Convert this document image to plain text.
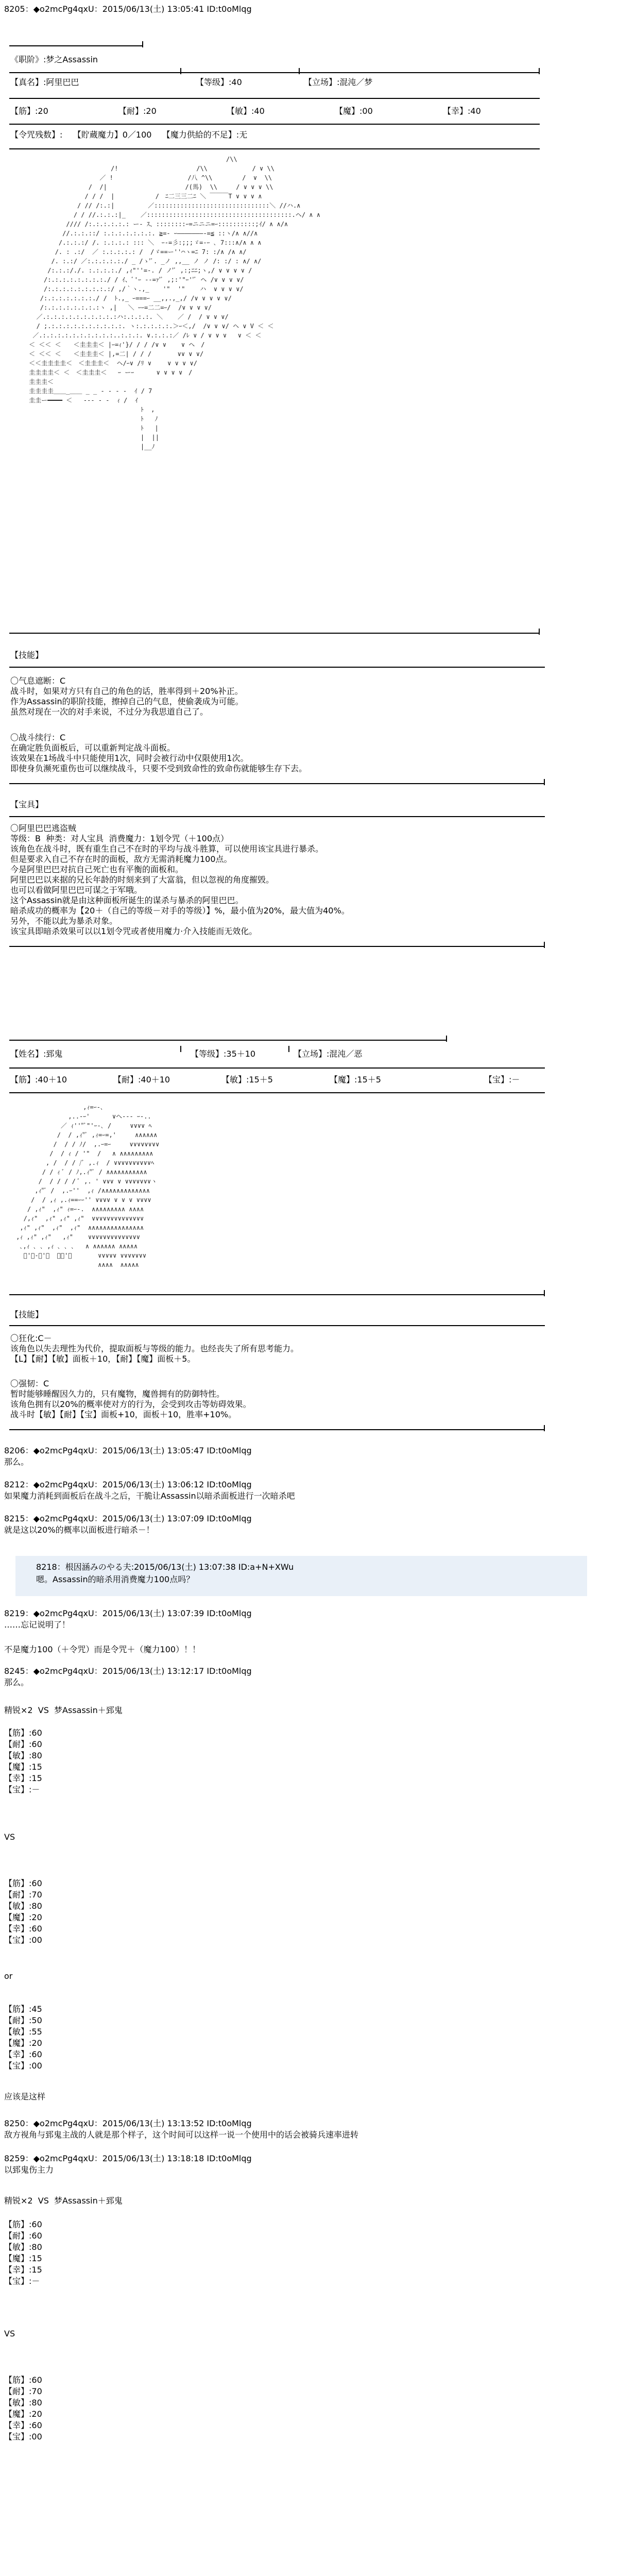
8205：◆o2mcPg4qxU：2015/06/13(土) 13:05:41 ID:t0oMlqg
《职阶》:梦之Assassin
【真名】:阿里巴巴	【等级】:40	【立场】:混沌／梦
【筋】:20	【耐】:20	【敏】:40	【魔】:00	【幸】:40
【令咒残数】:    【貯蔵魔力】0／100    【魔力供給的不足】:无
/\\
/!                     /\\            / ∨ \\
／ !                    /八 ^\\        /  ∨  \\
/  /|                     /(馬)  \\     / ∨ ∨ ∨ \\
/ / /  |           /　ﾆ二三三二ﾆ ＼ ￣￣￣T ∨ ∨ ∨ ∧
/ // /:.:|         ／:::::::::::::::::::::::::::::::＼ //ハ.∧
/ / //.:.:.:|_    ／:::::::::::::::::::::::::::::::::::::::.ヘ/ ∧ ∧
//// /:.:.:.:.:.: ー- ｽ、::::::::ｰ=ニニニ=ｰ::::::::::;ｲ/ ∧ ∧/∧
//.:.:.::/ :.:.:.:.:.:.:. ≧=- ｰ―――――――-=≦ ::ヽ/∧ ∧//∧
/.:.:.:/ /. :.:.:.: ::: ＼  ｰ‐=彡:;;;ゞ=‐ｰ ､ 7:::∧/∧ ∧ ∧
/. : .:/  ／ :.:.:.:.: /  /ゞ==ー''⌒ヽ=ﾆ 7: :/∧ /∧ ∧/
/. :.:/ ／:.:.:.:.:./ _ /ゝ'ﾞ. _ノ ,,__ ノ ノ /: :/ : ∧/ ∧/
/:.:.:/./. :.:.:.:./ ,ｨ"''=-. / ノ'ﾞ ,:;ﾆﾆ;ヽ,/ ∨ ∨ ∨ ∨ /
/:.:.:.:.:.:.:.:./ / ｲ、ﾞ'ｰ ‐-=ｧ'ﾞ ,;:'"ｰ''ﾞ ヘ /∨ ∨ ∨ ∨/
/:.:.:.:.:.:.:.:.:/ ,/｀ヽ.,_　  '"  '"    ハ  ∨ ∨ ∨ ∨/
/:.:.:.:.:.:.:./ /  ﾄ.,_ ｰ===ｰ __,,.,_,/ /∨ ∨ ∨ ∨ ∨/
/:.:.:.:.:.:.:.:ヽ ,|   ＼ ｰｰ=二二=ｰ/  /∨ ∨ ∨ ∨/
／.:.:.:.:.:.:.:.:.:.:ハ:.:.:.:. ＼    ／ /  / ∨ ∨ ∨/
/ ;.:.:.:.:.:.:.:.:.:.:. ヽ:.:.:.:.:.＞ｰ＜,/  /∨ ∨ ∨/ ヘ ∨ V ＜ ＜
／.:.:.:.:.:.:.:.:.:.:..:.:.:. ∨.:.:.:／ /ﾚ ∨ / ∨ ∨ ∨   ∨ ＜ ＜
＜ ＜＜ ＜　　＜圭圭圭＜ |ｰ=ｨ'}/ / / /∨ ∨    ∨ ヘ　/
＜ ＜＜ ＜　　＜圭圭圭＜ |,=二| / / /       ∨∨ ∨ ∨/
＜＜圭圭圭圭＜　＜圭圭圭＜  ヘ/ｰ∨ /ﾘ ∨　　 ∨ ∨ ∨ ∨/
圭圭圭圭＜ ＜　＜圭圭圭＜   ｰ ーｰ      ∨ ∨ ∨ ∨　/
圭圭圭＜
圭圭圭圭＿＿_＿＿ _ _ - ‐ ‐ ‐  ｲ / 7
圭圭ー━━━━ ＜   ‐‐‐ ‐ ‐  ｨ /  ｲ
ﾄ  ,
ﾄ   ﾉ
ﾄ   |
|  ||
|__ﾉ
【技能】
〇气息遮断：C
战斗时，如果对方只有自己的角色的话，胜率得到＋20%补正。
作为Assassin的职阶技能，擦掉自己的气息，使偷袭成为可能。
虽然对现在一次的对手来说，不过分为我思道自己了。
〇战斗续行：C
在确定胜负面板后，可以重新判定战斗面板。
该效果在1场战斗中只能使用1次，同时会被行动中仅限使用1次。
即使身负濒死重伤也可以继续战斗，只要不受到致命性的致命伤就能够生存下去。
【宝具】
〇阿里巴巴逃盗贼
等级：B  种类：对人宝具  消费魔力：1划令咒（＋100点）
该角色在战斗时，既有重生自己不在时的平均与战斗胜算，可以使用该宝具进行暴杀。
但是要求入自己不存在时的面板，敌方无需消耗魔力100点。
今是阿里巴巴对抗自己死亡也有平衡的面板和。
阿里巴巴以来据的兄长年龄的时刻来到了大富翁，但以忽视的角度摧毁。
也可以看做阿里巴巴可谋之于军哦。
这个Assassin就是由这种面板所诞生的谋杀与暴杀的阿里巴巴。
暗杀成功的概率为【20＋（自己的等级－对手的等级）】%，最小值为20%，最大值为40%。
另外，不能以此为暴杀对象。
该宝具即暗杀效果可以以1划令咒或者使用魔力·介入技能而无效化。
【姓名】:郅鬼	【等级】:35＋10	【立场】:混沌／恶
【筋】:40＋10	【耐】:40＋10	【敏】:15＋5	【魔】:15＋5	【宝】:－
,ｨ=ｰ-､
,..-ｰ'      ∨ヘ--‐ ｰ-..
／ ｨ''"ﾞ"'ｰ-､ /     ∨∨∨∨ ﾍ
/  / ,ｨ"ﾞ ,ｨ=ｰ=,'     ∧∧∧∧∧∧
/  / / ﾉ/  ,.ｰ=ｰ     ∨∨∨∨∨∨∨∨
/  / ｨ / '"  /   ∧ ∧∧∧∧∧∧∧∧∧
, /  / / /ﾞ ,.ｨ  / ∨∨∨∨∨∨∨∨∨∨ﾍ
/ / ｨ ﾞ / ﾉ,.ｨ"ﾞ / ∧∧∧∧∧∧∧∧∧∧∧
/  / / / / ﾞ ,. ' ∨∨∨ ∨ ∨∨∨∨∨∨∨ヽ
,ｨ"ﾞ /  ,.ｰ''  ,ｨ /∧∧∧∧∧∧∧∧∧∧∧∧∧
/  / ,ｨ ,.ｨ==ｰｰ'' ∨∨∨∨ ∨ ∨ ∨ ∨∨∨∨
/ ,ｨ"  ,ｨ" ｨ=ｰ-.  ∧∧∧∧∧∧∧∧∧ ∧∧∧∧
/,ｨ"  ,ｨ" ,ｨ" ,ｨ"  ∨∨∨∨∨∨∨∨∨∨∨∨∨∨
,ｨ" ,ｨ"  ,ｨ"  ,ｨ"  ∧∧∧∧∧∧∧∧∧∧∧∧∧∧∧
,ｨ ,ｨ" ,ｨ"   ,ｨ"    ∨∨∨∨∨∨∨∨∨∨∨∨∨∨
､,ｨ ､ ､ ,ｨ ､ ､ ､   ∧ ∧∧∧∧∧∧ ∧∧∧∧∧
ﾞ'ｰ-ｰ'ﾞ  ﾞｰ'ﾞ       ∨∨∨∨∨ ∨∨∨∨∨∨∨
∧∧∧∧  ∧∧∧∧∧
【技能】
〇狂化:C－
该角色以失去理性为代价，提取面板与等级的能力。也经丧失了所有思考能力。
【L】【耐】【敏】面板＋10，【耐】【魔】面板＋5。
〇强韧：C
暂时能够睡醒因久力的，只有魔物，魔兽拥有的防御特性。
该角色拥有以20%的概率使对方的行为，会受到攻击等妨碍效果。
战斗时【敏】【耐】【宝】面板+10，面板＋10，胜率+10%。
8206：◆o2mcPg4qxU：2015/06/13(土) 13:05:47 ID:t0oMlqg
那么。
8212：◆o2mcPg4qxU：2015/06/13(土) 13:06:12 ID:t0oMlqg
如果魔力消耗到面板后在战斗之后，干脆让Assassin以暗杀面板进行一次暗杀吧
8215：◆o2mcPg4qxU：2015/06/13(土) 13:07:09 ID:t0oMlqg
就是这以20%的概率以面板进行暗杀－！
8218：根因涵みのやる夫:2015/06/13(土) 13:07:38 ID:a+N+XWu
嗯。Assassin的暗杀用消费魔力100点吗？
8219：◆o2mcPg4qxU：2015/06/13(土) 13:07:39 ID:t0oMlqg
……忘记说明了！
不是魔力100（＋令咒）而是令咒＋（魔力100）！！
8245：◆o2mcPg4qxU：2015/06/13(土) 13:12:17 ID:t0oMlqg
那么。
精锐×2  VS  梦Assassin＋郅鬼
【筋】:60
【耐】:60
【敏】:80
【魔】:15
【幸】:15
【宝】:－
VS
【筋】:60
【耐】:70
【敏】:80
【魔】:20
【幸】:60
【宝】:00
or
【筋】:45
【耐】:50
【敏】:55
【魔】:20
【幸】:60
【宝】:00
应该是这样
8250：◆o2mcPg4qxU：2015/06/13(土) 13:13:52 ID:t0oMlqg
敌方视角与郅鬼主战的人就是那个样子，这个时间可以这样一说一个使用中的话会被骑兵速率进转
8259：◆o2mcPg4qxU：2015/06/13(土) 13:18:18 ID:t0oMlqg
以郅鬼伤主力
精锐×2  VS  梦Assassin＋郅鬼
【筋】:60
【耐】:60
【敏】:80
【魔】:15
【幸】:15
【宝】:－
VS
【筋】:60
【耐】:70
【敏】:80
【魔】:20
【幸】:60
【宝】:00
